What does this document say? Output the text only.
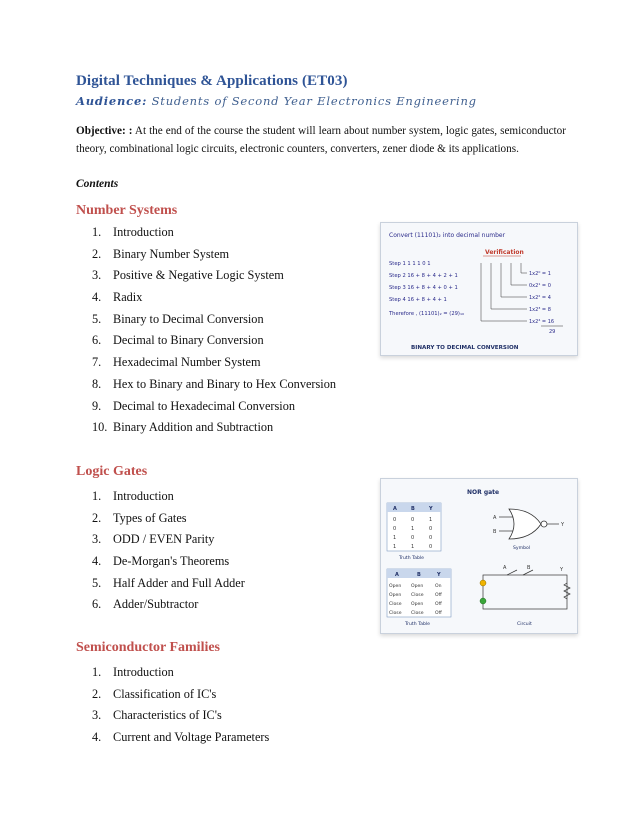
Digital Techniques & Applications (ET03)
Audience: Students of Second Year Electronics Engineering
Objective: : At the end of the course the student will learn about number system, logic gates, semiconductor theory, combinational logic circuits, electronic counters, converters, zener diode & its applications.
Contents
Number Systems
1. Introduction
2. Binary Number System
3. Positive & Negative Logic System
4. Radix
5. Binary to Decimal Conversion
6. Decimal to Binary Conversion
7. Hexadecimal Number System
8. Hex to Binary and Binary to Hex Conversion
9. Decimal to Hexadecimal Conversion
10. Binary Addition and Subtraction
Logic Gates
1. Introduction
2. Types of Gates
3. ODD / EVEN Parity
4. De-Morgan's Theorems
5. Half Adder and Full Adder
6. Adder/Subtractor
Semiconductor Families
1. Introduction
2. Classification of IC's
3. Characteristics of IC's
4. Current and Voltage Parameters
Convert (11101)₂ into decimal number
Verification
Step 1 1 1 1 0 1
Step 2 16 + 8 + 4 + 2 + 1
Step 3 16 + 8 + 4 + 0 + 1
Step 4 16 + 8 + 4 + 1
Therefore , (11101)₂ = (29)₁₀
1x2⁰ = 1
0x2¹ = 0
1x2² = 4
1x2³ = 8
1x2⁴ = 16
29
BINARY TO DECIMAL CONVERSION
NOR gate
A	B	Y
0	0	1
0	1	0
1	0	0
1	1	0
Truth Table
A
B
Y
Symbol
A	B	Y
Open Open	On
Open Close Off
Close Open	Off
Close Close Off
Truth Table
A	B	Y
Circuit
